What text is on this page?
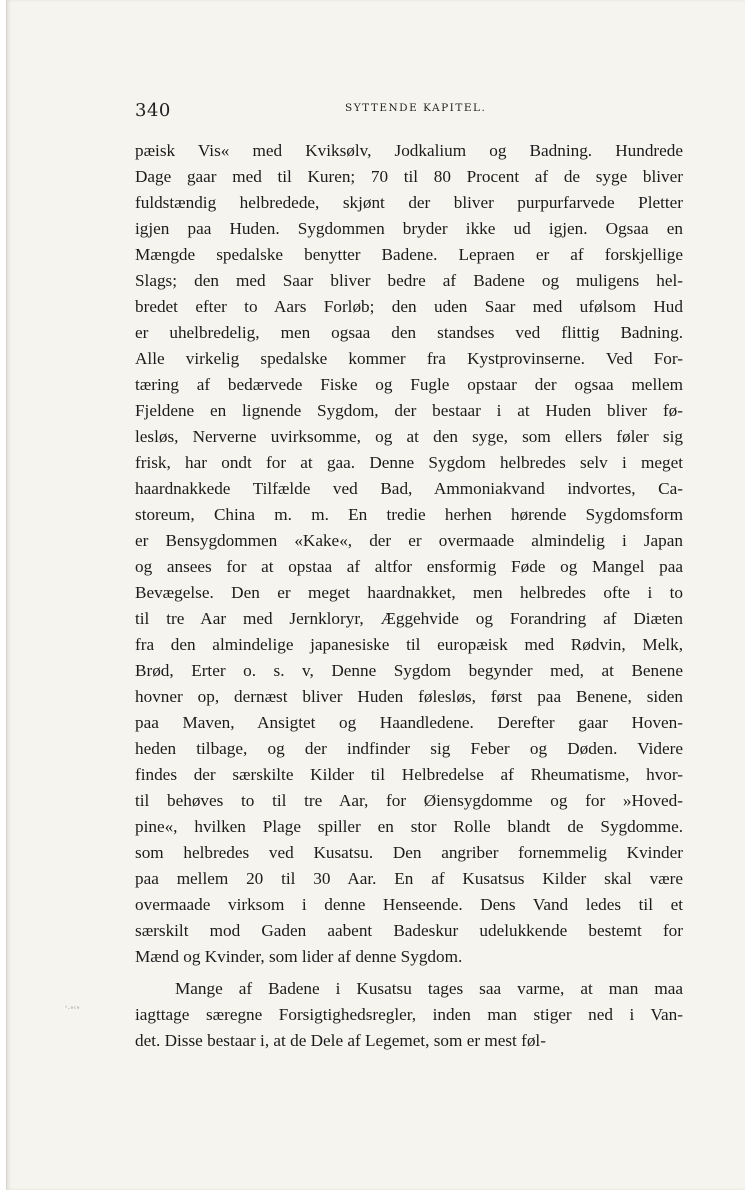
340	SYTTENDE KAPITEL.
ʻ·ᵃᶜᵃ
pæisk Vis« med Kviksølv, Jodkalium og Badning. Hundrede
Dage gaar med til Kuren; 70 til 80 Procent af de syge bliver
fuldstændig helbredede, skjønt der bliver purpurfarvede Pletter
igjen paa Huden. Sygdommen bryder ikke ud igjen. Ogsaa en
Mængde spedalske benytter Badene. Lepraen er af forskjellige
Slags; den med Saar bliver bedre af Badene og muligens hel-
bredet efter to Aars Forløb; den uden Saar med ufølsom Hud
er uhelbredelig, men ogsaa den standses ved flittig Badning.
Alle virkelig spedalske kommer fra Kystprovinserne. Ved For-
tæring af bedærvede Fiske og Fugle opstaar der ogsaa mellem
Fjeldene en lignende Sygdom, der bestaar i at Huden bliver fø-
lesløs, Nerverne uvirksomme, og at den syge, som ellers føler sig
frisk, har ondt for at gaa. Denne Sygdom helbredes selv i meget
haardnakkede Tilfælde ved Bad, Ammoniakvand indvortes, Ca-
storeum, China m. m. En tredie herhen hørende Sygdomsform
er Bensygdommen «Kake«, der er overmaade almindelig i Japan
og ansees for at opstaa af altfor ensformig Føde og Mangel paa
Bevægelse. Den er meget haardnakket, men helbredes ofte i to
til tre Aar med Jernkloryr, Æggehvide og Forandring af Diæten
fra den almindelige japanesiske til europæisk med Rødvin, Melk,
Brød, Erter o. s. v, Denne Sygdom begynder med, at Benene
hovner op, dernæst bliver Huden følesløs, først paa Benene, siden
paa Maven, Ansigtet og Haandledene. Derefter gaar Hoven-
heden tilbage, og der indfinder sig Feber og Døden. Videre
findes der særskilte Kilder til Helbredelse af Rheumatisme, hvor-
til behøves to til tre Aar, for Øiensygdomme og for »Hoved-
pine«, hvilken Plage spiller en stor Rolle blandt de Sygdomme.
som helbredes ved Kusatsu. Den angriber fornemmelig Kvinder
paa mellem 20 til 30 Aar. En af Kusatsus Kilder skal være
overmaade virksom i denne Henseende. Dens Vand ledes til et
særskilt mod Gaden aabent Badeskur udelukkende bestemt for
Mænd og Kvinder, som lider af denne Sygdom.
Mange af Badene i Kusatsu tages saa varme, at man maa
iagttage særegne Forsigtighedsregler, inden man stiger ned i Van-
det. Disse bestaar i, at de Dele af Legemet, som er mest føl-
